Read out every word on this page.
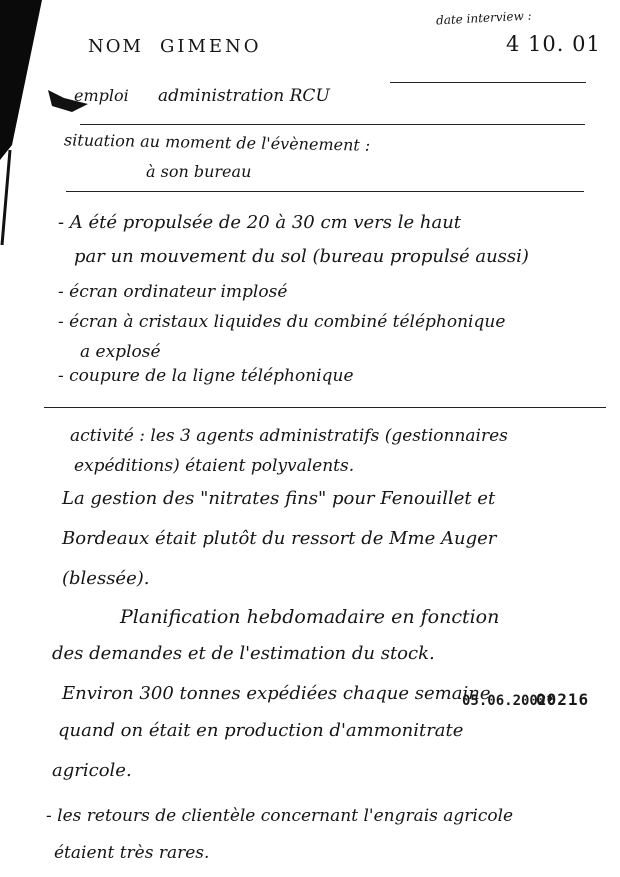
date interview :
4 10. 01
NOM GIMENO
emploi administration RCU
situation au moment de l'évènement :
à son bureau
- A été propulsée de 20 à 30 cm vers le haut
par un mouvement du sol (bureau propulsé aussi)
- écran ordinateur implosé
- écran à cristaux liquides du combiné téléphonique
a explosé
- coupure de la ligne téléphonique
activité : les 3 agents administratifs (gestionnaires
expéditions) étaient polyvalents.
La gestion des "nitrates fins" pour Fenouillet et
Bordeaux était plutôt du ressort de Mme Auger
(blessée).
Planification hebdomadaire en fonction
des demandes et de l'estimation du stock.
Environ 300 tonnes expédiées chaque semaine
quand on était en production d'ammonitrate
agricole.
- les retours de clientèle concernant l'engrais agricole
étaient très rares.
05.06.2002*
00216
